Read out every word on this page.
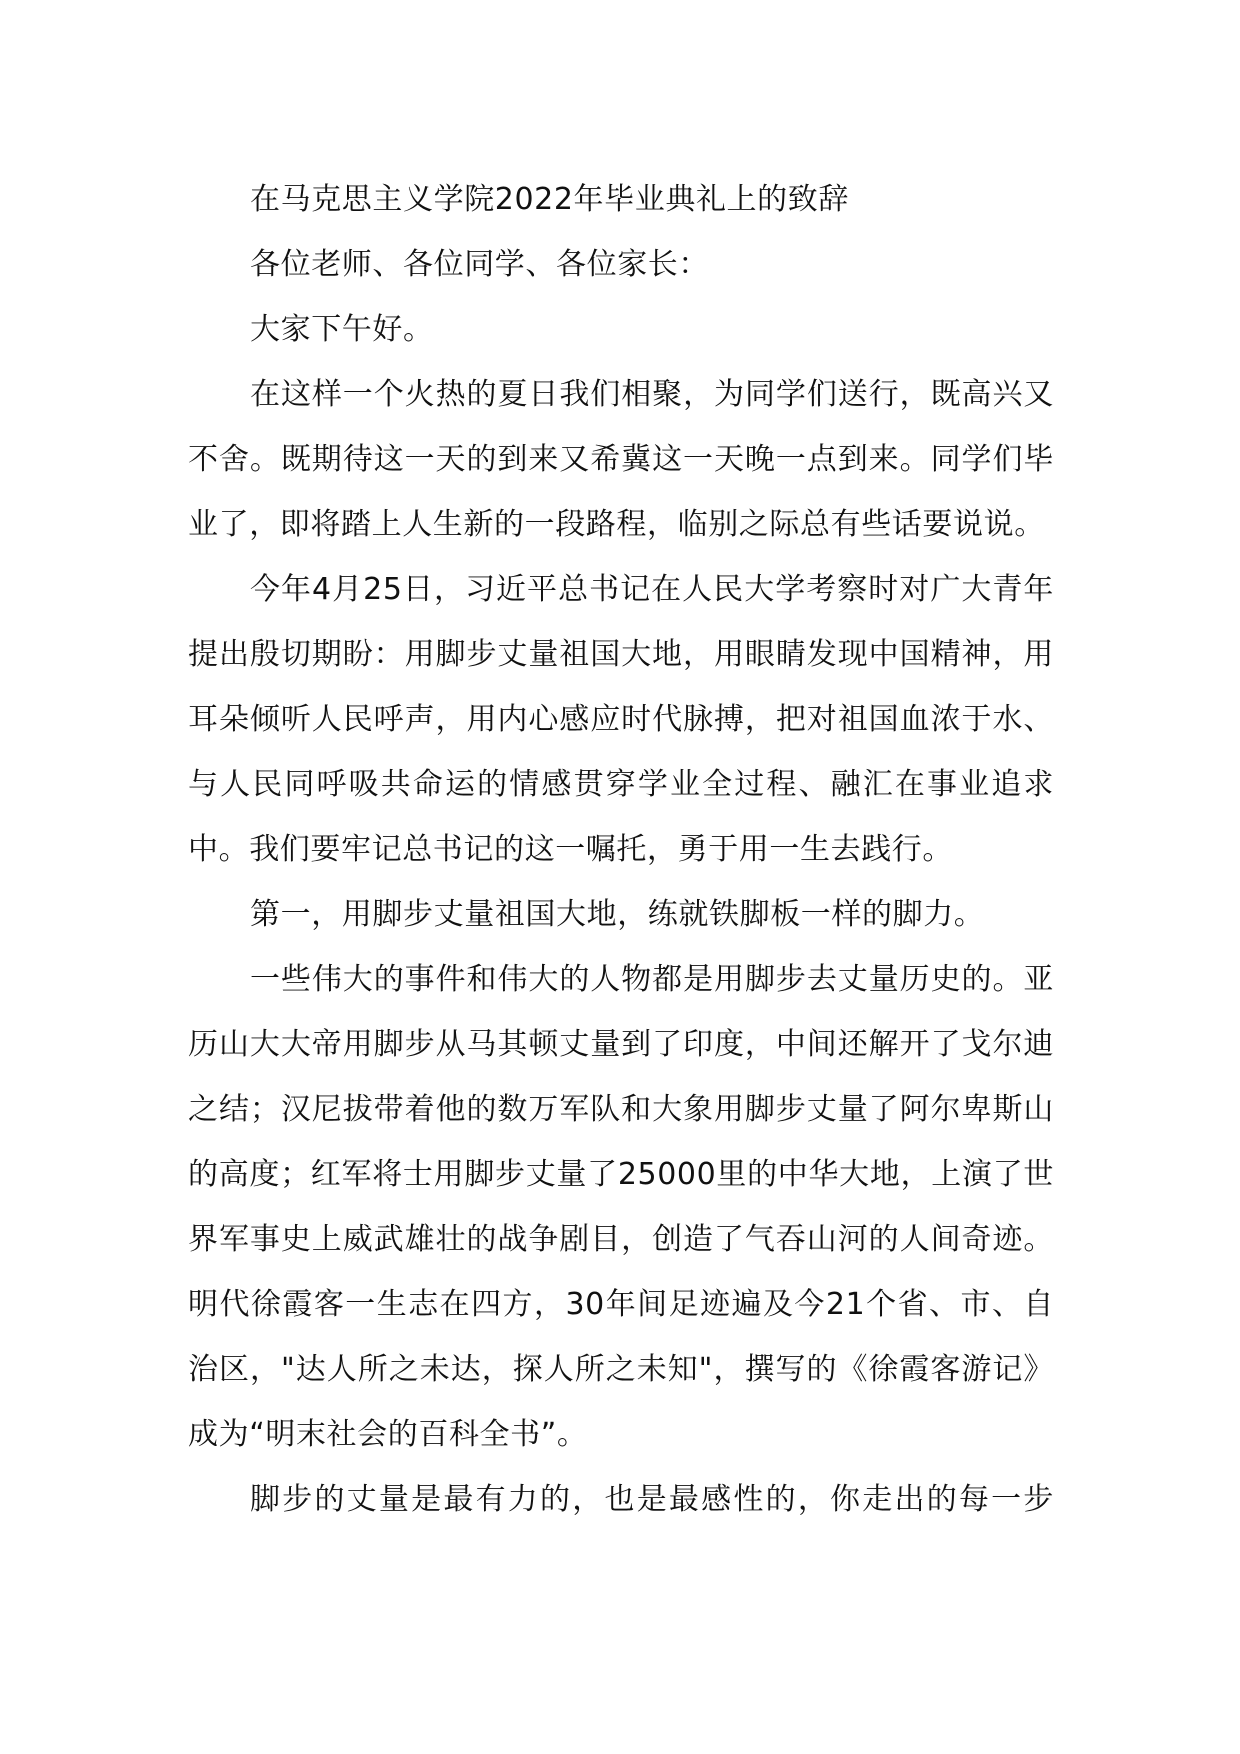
在马克思主义学院2022年毕业典礼上的致辞

各位老师、各位同学、各位家长：

大家下午好。

在这样一个火热的夏日我们相聚，为同学们送行，既高兴又不舍。既期待这一天的到来又希冀这一天晚一点到来。同学们毕业了，即将踏上人生新的一段路程，临别之际总有些话要说说。

今年4月25日，习近平总书记在人民大学考察时对广大青年提出殷切期盼：用脚步丈量祖国大地，用眼睛发现中国精神，用耳朵倾听人民呼声，用内心感应时代脉搏，把对祖国血浓于水、与人民同呼吸共命运的情感贯穿学业全过程、融汇在事业追求中。我们要牢记总书记的这一嘱托，勇于用一生去践行。

第一，用脚步丈量祖国大地，练就铁脚板一样的脚力。

一些伟大的事件和伟大的人物都是用脚步去丈量历史的。亚历山大大帝用脚步从马其顿丈量到了印度，中间还解开了戈尔迪之结；汉尼拔带着他的数万军队和大象用脚步丈量了阿尔卑斯山的高度；红军将士用脚步丈量了25000里的中华大地，上演了世界军事史上威武雄壮的战争剧目，创造了气吞山河的人间奇迹。明代徐霞客一生志在四方，30年间足迹遍及今21个省、市、自治区，"达人所之未达，探人所之未知"，撰写的《徐霞客游记》成为“明末社会的百科全书”。

脚步的丈量是最有力的，也是最感性的，你走出的每一步
